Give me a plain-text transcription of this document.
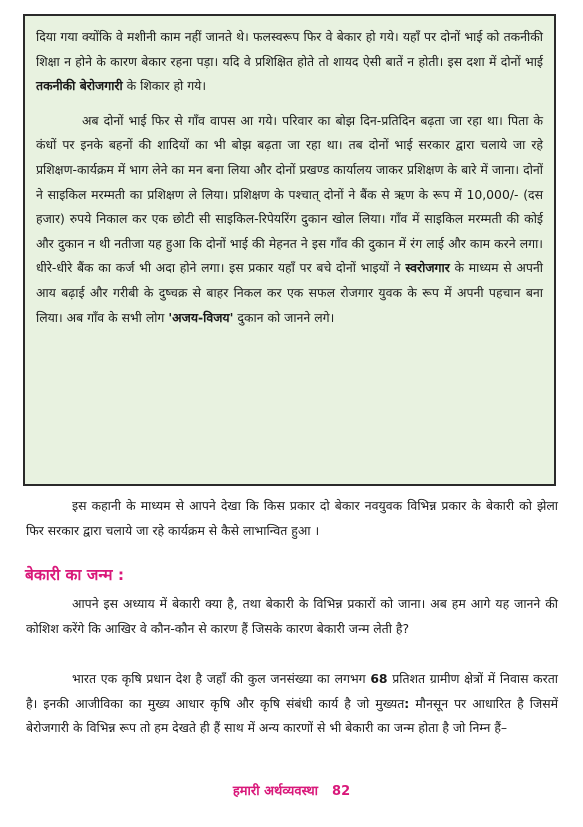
दिया गया क्योंकि वे मशीनी काम नहीं जानते थे। फलस्वरूप फिर वे बेकार हो गये। यहाँ पर दोनों भाई को तकनीकी शिक्षा न होने के कारण बेकार रहना पड़ा। यदि वे प्रशिक्षित होते तो शायद ऐसी बातें न होती। इस दशा में दोनों भाई तकनीकी बेरोजगारी के शिकार हो गये।

अब दोनों भाई फिर से गाँव वापस आ गये। परिवार का बोझ दिन-प्रतिदिन बढ़ता जा रहा था। पिता के कंधों पर इनके बहनों की शादियों का भी बोझ बढ़ता जा रहा था। तब दोनों भाई सरकार द्वारा चलाये जा रहे प्रशिक्षण-कार्यक्रम में भाग लेने का मन बना लिया और दोनों प्रखण्ड कार्यालय जाकर प्रशिक्षण के बारे में जाना। दोनों ने साइकिल मरम्मती का प्रशिक्षण ले लिया। प्रशिक्षण के पश्चात् दोनों ने बैंक से ऋण के रूप में 10,000/- (दस हजार) रुपये निकाल कर एक छोटी सी साइकिल-रिपेयरिंग दुकान खोल लिया। गाँव में साइकिल मरम्मती की कोई और दुकान न थी नतीजा यह हुआ कि दोनों भाई की मेहनत ने इस गाँव की दुकान में रंग लाई और काम करने लगा। धीरे-धीरे बैंक का कर्ज भी अदा होने लगा। इस प्रकार यहाँ पर बचे दोनों भाइयों ने स्वरोजगार के माध्यम से अपनी आय बढ़ाई और गरीबी के दुष्चक्र से बाहर निकल कर एक सफल रोजगार युवक के रूप में अपनी पहचान बना लिया। अब गाँव के सभी लोग 'अजय-विजय' दुकान को जानने लगे।

इस कहानी के माध्यम से आपने देखा कि किस प्रकार दो बेकार नवयुवक विभिन्न प्रकार के बेकारी को झेला फिर सरकार द्वारा चलाये जा रहे कार्यक्रम से कैसे लाभान्वित हुआ ।

बेकारी का जन्म :

आपने इस अध्याय में बेकारी क्या है, तथा बेकारी के विभिन्न प्रकारों को जाना। अब हम आगे यह जानने की कोशिश करेंगे कि आखिर वे कौन-कौन से कारण हैं जिसके कारण बेकारी जन्म लेती है?

भारत एक कृषि प्रधान देश है जहाँ की कुल जनसंख्या का लगभग 68 प्रतिशत ग्रामीण क्षेत्रों में निवास करता है। इनकी आजीविका का मुख्य आधार कृषि और कृषि संबंधी कार्य है जो मुख्यत: मौनसून पर आधारित है जिसमें बेरोजगारी के विभिन्न रूप तो हम देखते ही हैं साथ में अन्य कारणों से भी बेकारी का जन्म होता है जो निम्न हैं–

हमारी अर्थव्यवस्था 82
